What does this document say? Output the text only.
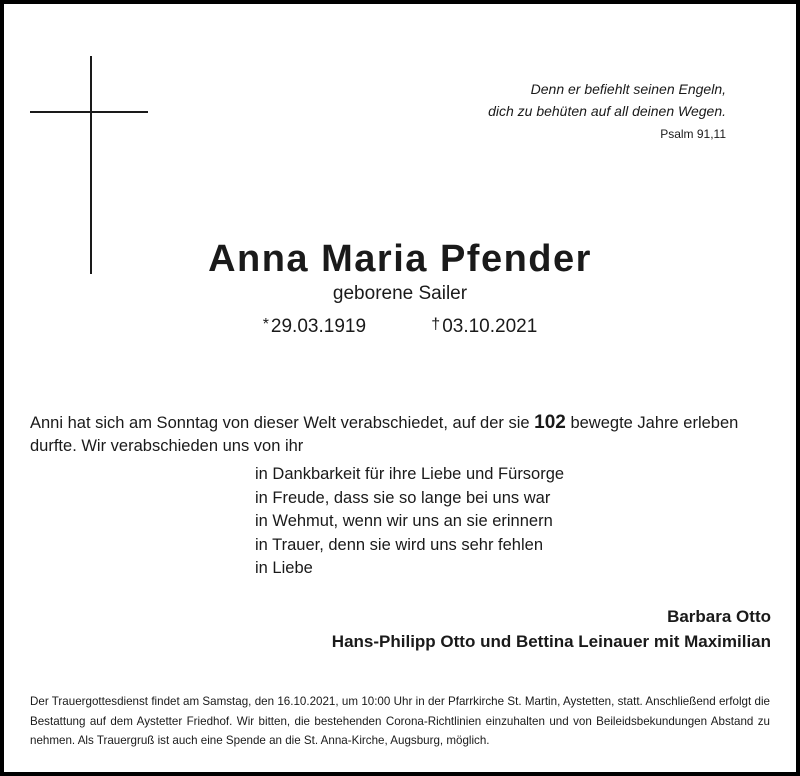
Denn er befiehlt seinen Engeln,
dich zu behüten auf all deinen Wegen.
Psalm 91,11
Anna Maria Pfender
geborene Sailer
* 29.03.1919	† 03.10.2021
Anni hat sich am Sonntag von dieser Welt verabschiedet, auf der sie 102 bewegte Jahre erleben durfte. Wir verabschieden uns von ihr
in Dankbarkeit für ihre Liebe und Fürsorge
in Freude, dass sie so lange bei uns war
in Wehmut, wenn wir uns an sie erinnern
in Trauer, denn sie wird uns sehr fehlen
in Liebe
Barbara Otto
Hans-Philipp Otto und Bettina Leinauer mit Maximilian
Der Trauergottesdienst findet am Samstag, den 16.10.2021, um 10:00 Uhr in der Pfarrkirche St. Martin, Aystetten, statt. Anschließend erfolgt die Bestattung auf dem Aystetter Friedhof. Wir bitten, die bestehenden Corona-Richtlinien einzuhalten und von Beileidsbekundungen Abstand zu nehmen. Als Trauergruß ist auch eine Spende an die St. Anna-Kirche, Augsburg, möglich.
